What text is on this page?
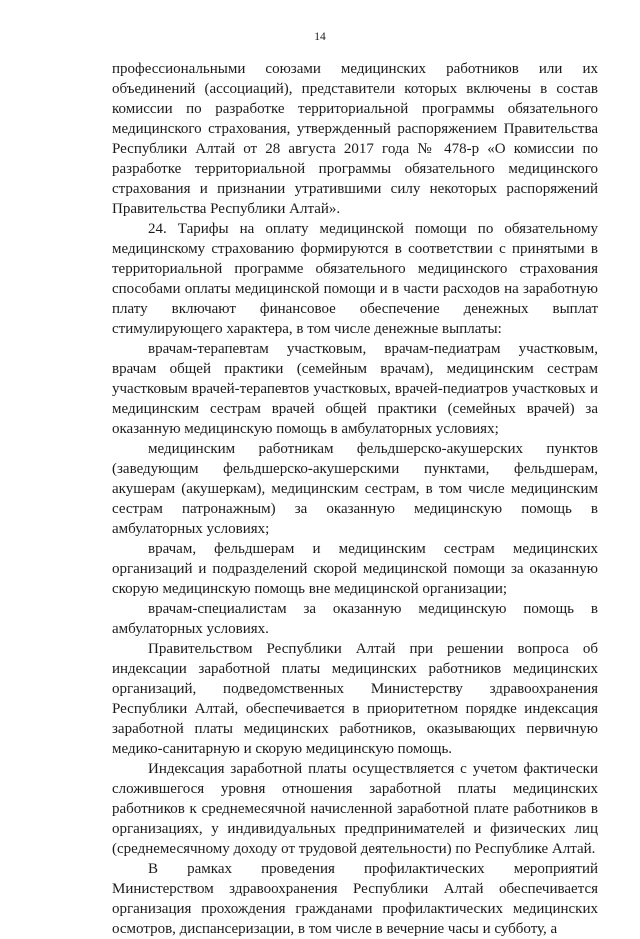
14

профессиональными союзами медицинских работников или их объединений (ассоциаций), представители которых включены в состав комиссии по разработке территориальной программы обязательного медицинского страхования, утвержденный распоряжением Правительства Республики Алтай от 28 августа 2017 года № 478-р «О комиссии по разработке территориальной программы обязательного медицинского страхования и признании утратившими силу некоторых распоряжений Правительства Республики Алтай».

24. Тарифы на оплату медицинской помощи по обязательному медицинскому страхованию формируются в соответствии с принятыми в территориальной программе обязательного медицинского страхования способами оплаты медицинской помощи и в части расходов на заработную плату включают финансовое обеспечение денежных выплат стимулирующего характера, в том числе денежные выплаты:

врачам-терапевтам участковым, врачам-педиатрам участковым, врачам общей практики (семейным врачам), медицинским сестрам участковым врачей-терапевтов участковых, врачей-педиатров участковых и медицинским сестрам врачей общей практики (семейных врачей) за оказанную медицинскую помощь в амбулаторных условиях;

медицинским работникам фельдшерско-акушерских пунктов (заведующим фельдшерско-акушерскими пунктами, фельдшерам, акушерам (акушеркам), медицинским сестрам, в том числе медицинским сестрам патронажным) за оказанную медицинскую помощь в амбулаторных условиях;

врачам, фельдшерам и медицинским сестрам медицинских организаций и подразделений скорой медицинской помощи за оказанную скорую медицинскую помощь вне медицинской организации;

врачам-специалистам за оказанную медицинскую помощь в амбулаторных условиях.

Правительством Республики Алтай при решении вопроса об индексации заработной платы медицинских работников медицинских организаций, подведомственных Министерству здравоохранения Республики Алтай, обеспечивается в приоритетном порядке индексация заработной платы медицинских работников, оказывающих первичную медико-санитарную и скорую медицинскую помощь.

Индексация заработной платы осуществляется с учетом фактически сложившегося уровня отношения заработной платы медицинских работников к среднемесячной начисленной заработной плате работников в организациях, у индивидуальных предпринимателей и физических лиц (среднемесячному доходу от трудовой деятельности) по Республике Алтай.

В рамках проведения профилактических мероприятий Министерством здравоохранения Республики Алтай обеспечивается организация прохождения гражданами профилактических медицинских осмотров, диспансеризации, в том числе в вечерние часы и субботу, а
